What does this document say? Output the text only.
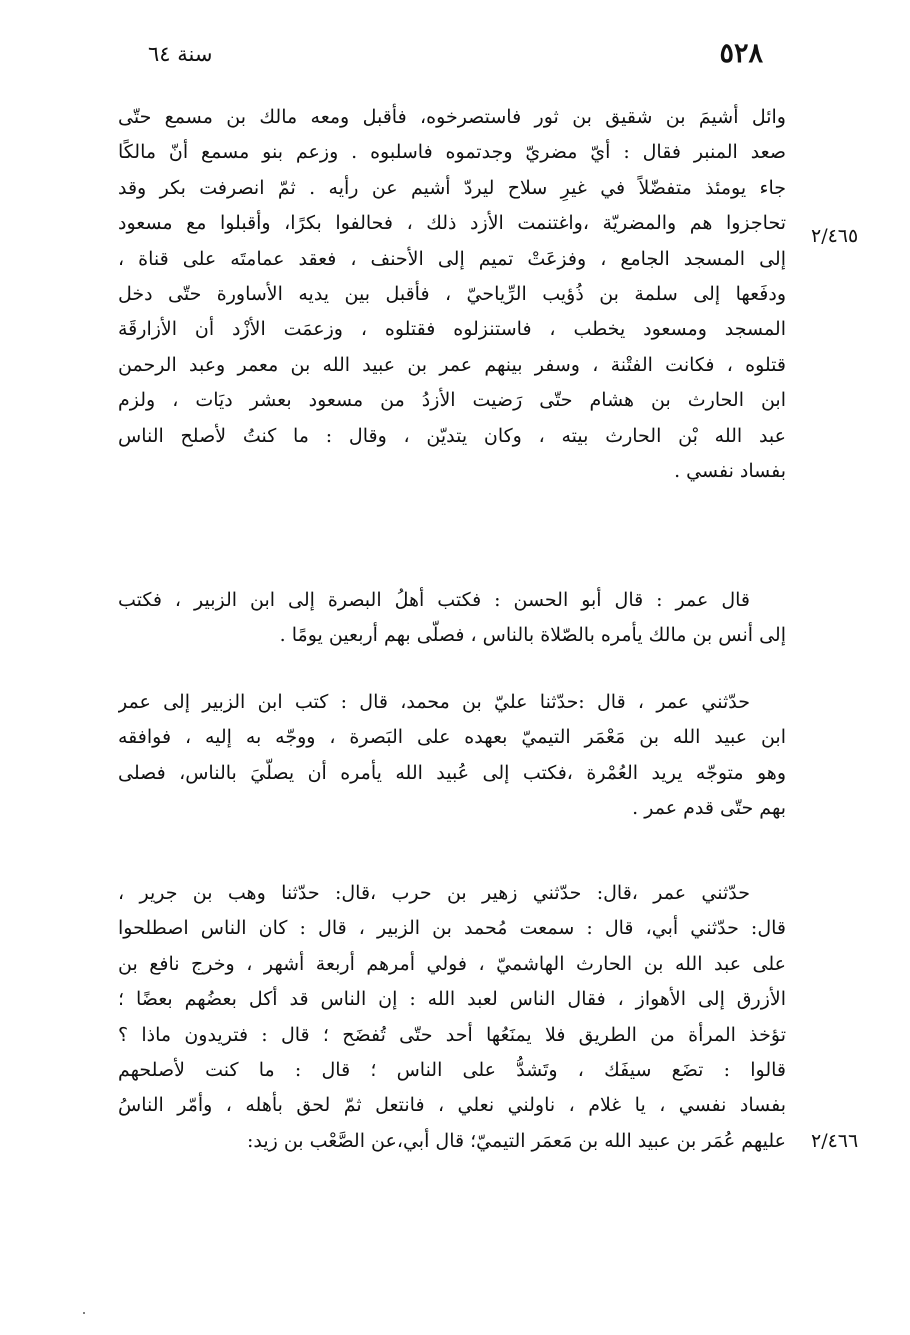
٥٢٨
سنة ٦٤
٢/٤٦٥
٢/٤٦٦
وائل أشيمَ بن شقيق بن ثور فاستصرخوه، فأقبل ومعه مالك بن مسمع حتّى
صعد المنبر فقال : أيّ مضريّ وجدتموه فاسلبوه . وزعم بنو مسمع أنّ مالكًا
جاء يومئذ متفضّلاً في غيرِ سلاح ليردّ أشيم عن رأيه . ثمّ انصرفت بكر وقد
تحاجزوا هم والمضريّة ،واغتنمت الأزد ذلك ، فحالفوا بكرًا، وأقبلوا مع مسعود
إلى المسجد الجامع ، وفزعَتْ تميم إلى الأحنف ، فعقد عمامتَه على قناة ،
ودفَعها إلى سلمة بن ذُؤيب الرِّياحيّ ، فأقبل بين يديه الأساورة حتّى دخل
المسجد ومسعود يخطب ، فاستنزلوه فقتلوه ، وزعمَت الأزْد أن الأزارقَة
قتلوه ، فكانت الفتْنة ، وسفر بينهم عمر بن عبيد الله بن معمر وعبد الرحمن
ابن الحارث بن هشام حتّى رَضيت الأزدُ من مسعود بعشر ديَات ، ولزم
عبد الله بْن الحارث بيته ، وكان يتديّن ، وقال : ما كنتُ لأصلح الناس
بفساد نفسي .
قال عمر : قال أبو الحسن : فكتب أهلُ البصرة إلى ابن الزبير ، فكتب
إلى أنس بن مالك يأمره بالصّلاة بالناس ، فصلّى بهم أربعين يومًا .
حدّثني عمر ، قال :حدّثنا عليّ بن محمد، قال : كتب ابن الزبير إلى عمر
ابن عبيد الله بن مَعْمَر التيميّ بعهده على البَصرة ، ووجّه به إليه ، فوافقه
وهو متوجّه يريد العُمْرة ،فكتب إلى عُبيد الله يأمره أن يصلّيَ بالناس، فصلى
بهم حتّى قدم عمر .
حدّثني عمر ،قال: حدّثني زهير بن حرب ،قال: حدّثنا وهب بن جرير ،
قال: حدّثني أبي، قال : سمعت مُحمد بن الزبير ، قال : كان الناس اصطلحوا
على عبد الله بن الحارث الهاشميّ ، فولي أمرهم أربعة أشهر ، وخرج نافع بن
الأزرق إلى الأهواز ، فقال الناس لعبد الله : إن الناس قد أكل بعضُهم بعضًا ؛
تؤخذ المرأة من الطريق فلا يمنَعُها أحد حتّى تُفضَح ؛ قال : فتريدون ماذا ؟
قالوا : تضَع سيفَك ، وتَشدُّ على الناس ؛ قال : ما كنت لأصلحهم
بفساد نفسي ، يا غلام ، ناولني نعلي ، فانتعل ثمّ لحق بأهله ، وأمّر الناسُ
عليهم عُمَر بن عبيد الله بن مَعمَر التيميّ؛ قال أبي،عن الصَّعْب بن زيد:
